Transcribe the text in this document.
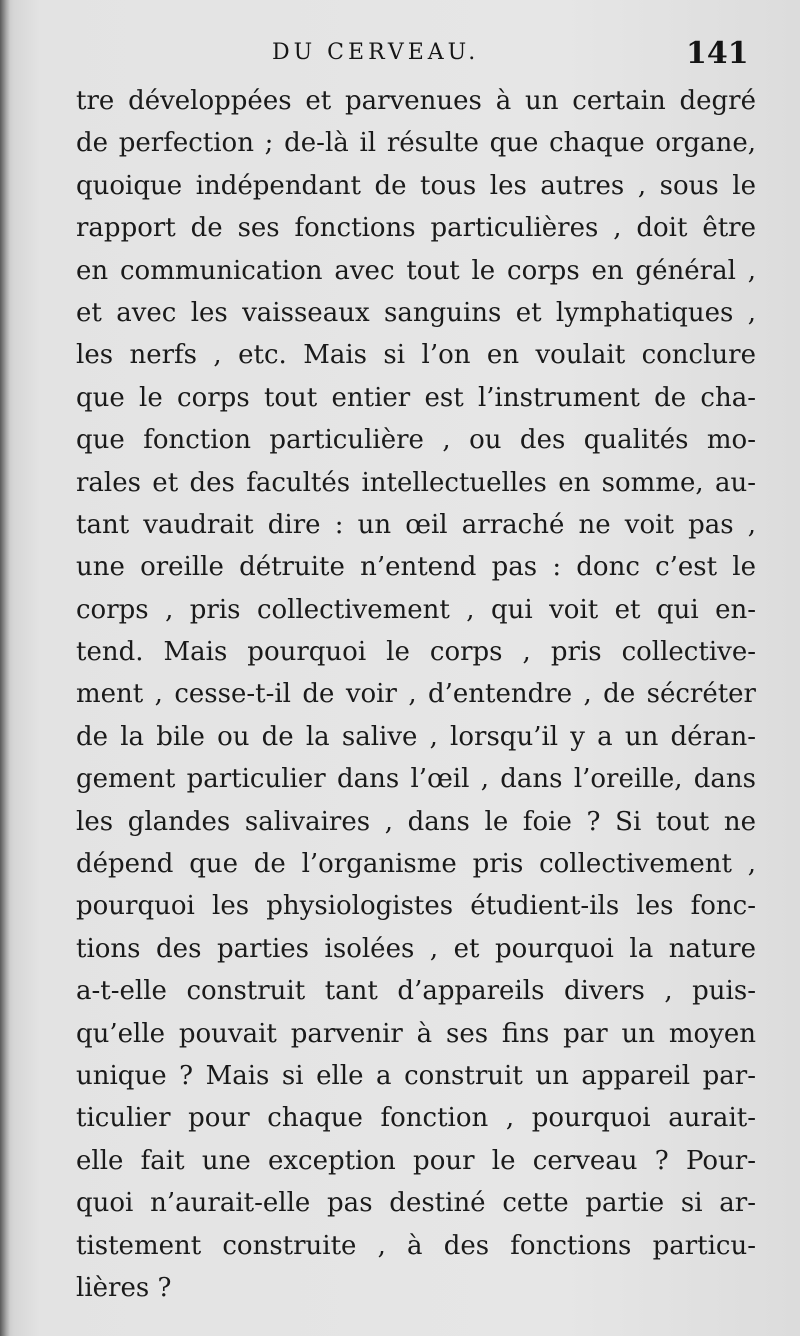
DU CERVEAU.	141
tre développées et parvenues à un certain degré
de perfection ; de-là il résulte que chaque organe,
quoique indépendant de tous les autres , sous le
rapport de ses fonctions particulières , doit être
en communication avec tout le corps en général ,
et avec les vaisseaux sanguins et lymphatiques ,
les nerfs , etc. Mais si l’on en voulait conclure
que le corps tout entier est l’instrument de cha-
que fonction particulière , ou des qualités mo-
rales et des facultés intellectuelles en somme, au-
tant vaudrait dire : un œil arraché ne voit pas ,
une oreille détruite n’entend pas : donc c’est le
corps , pris collectivement , qui voit et qui en-
tend. Mais pourquoi le corps , pris collective-
ment , cesse-t-il de voir , d’entendre , de sécréter
de la bile ou de la salive , lorsqu’il y a un déran-
gement particulier dans l’œil , dans l’oreille, dans
les glandes salivaires , dans le foie ? Si tout ne
dépend que de l’organisme pris collectivement ,
pourquoi les physiologistes étudient-ils les fonc-
tions des parties isolées , et pourquoi la nature
a-t-elle construit tant d’appareils divers , puis-
qu’elle pouvait parvenir à ses fins par un moyen
unique ? Mais si elle a construit un appareil par-
ticulier pour chaque fonction , pourquoi aurait-
elle fait une exception pour le cerveau ? Pour-
quoi n’aurait-elle pas destiné cette partie si ar-
tistement construite , à des fonctions particu-
lières ?
